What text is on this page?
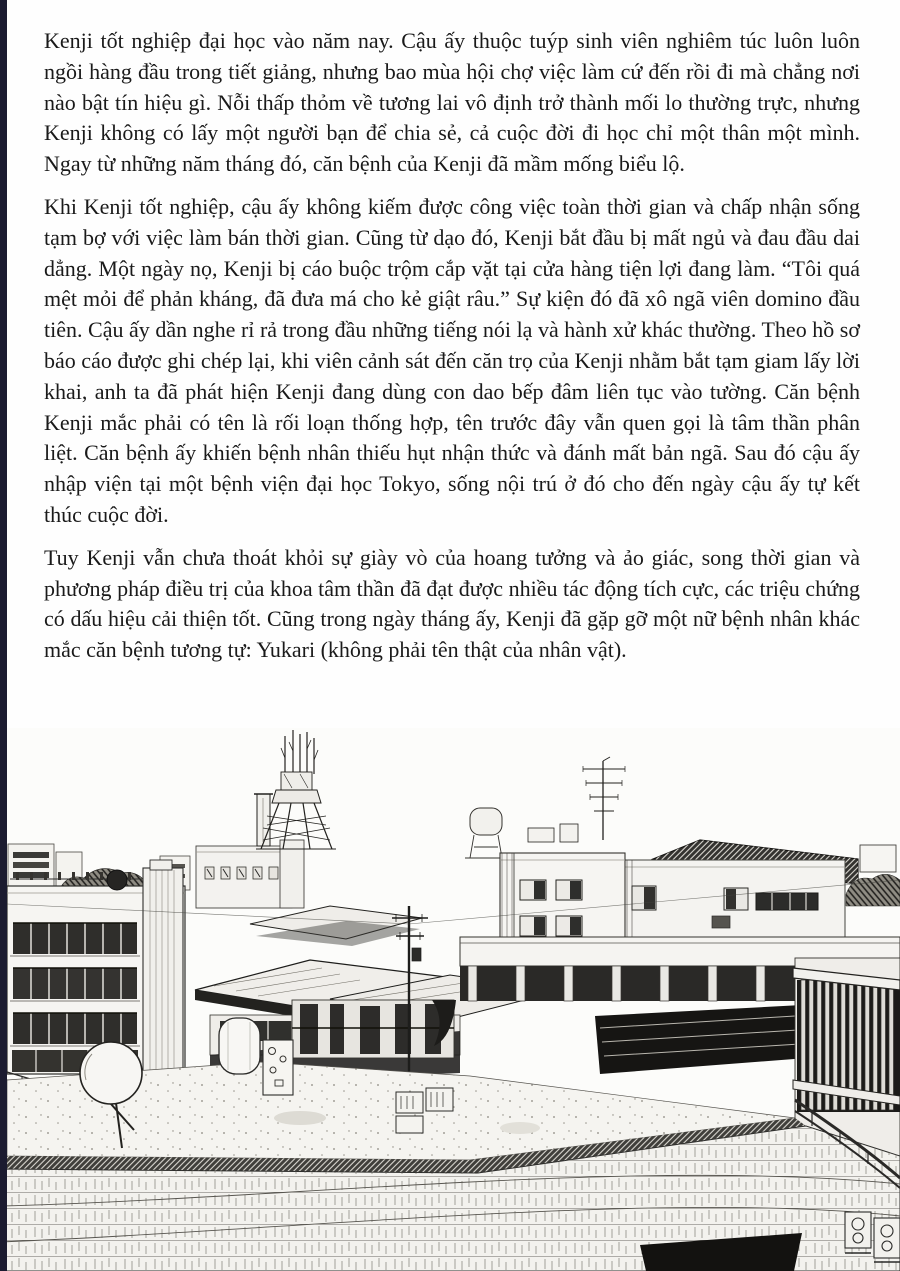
Kenji tốt nghiệp đại học vào năm nay. Cậu ấy thuộc tuýp sinh viên nghiêm túc luôn luôn ngồi hàng đầu trong tiết giảng, nhưng bao mùa hội chợ việc làm cứ đến rồi đi mà chẳng nơi nào bật tín hiệu gì. Nỗi thấp thỏm về tương lai vô định trở thành mối lo thường trực, nhưng Kenji không có lấy một người bạn để chia sẻ, cả cuộc đời đi học chỉ một thân một mình. Ngay từ những năm tháng đó, căn bệnh của Kenji đã mầm mống biểu lộ.

Khi Kenji tốt nghiệp, cậu ấy không kiếm được công việc toàn thời gian và chấp nhận sống tạm bợ với việc làm bán thời gian. Cũng từ dạo đó, Kenji bắt đầu bị mất ngủ và đau đầu dai dẳng. Một ngày nọ, Kenji bị cáo buộc trộm cắp vặt tại cửa hàng tiện lợi đang làm. “Tôi quá mệt mỏi để phản kháng, đã đưa má cho kẻ giật râu.” Sự kiện đó đã xô ngã viên domino đầu tiên. Cậu ấy dần nghe rỉ rả trong đầu những tiếng nói lạ và hành xử khác thường. Theo hồ sơ báo cáo được ghi chép lại, khi viên cảnh sát đến căn trọ của Kenji nhằm bắt tạm giam lấy lời khai, anh ta đã phát hiện Kenji đang dùng con dao bếp đâm liên tục vào tường. Căn bệnh Kenji mắc phải có tên là rối loạn thống hợp, tên trước đây vẫn quen gọi là tâm thần phân liệt. Căn bệnh ấy khiến bệnh nhân thiếu hụt nhận thức và đánh mất bản ngã. Sau đó cậu ấy nhập viện tại một bệnh viện đại học Tokyo, sống nội trú ở đó cho đến ngày cậu ấy tự kết thúc cuộc đời.

Tuy Kenji vẫn chưa thoát khỏi sự giày vò của hoang tưởng và ảo giác, song thời gian và phương pháp điều trị của khoa tâm thần đã đạt được nhiều tác động tích cực, các triệu chứng có dấu hiệu cải thiện tốt. Cũng trong ngày tháng ấy, Kenji đã gặp gỡ một nữ bệnh nhân khác mắc căn bệnh tương tự: Yukari (không phải tên thật của nhân vật).
